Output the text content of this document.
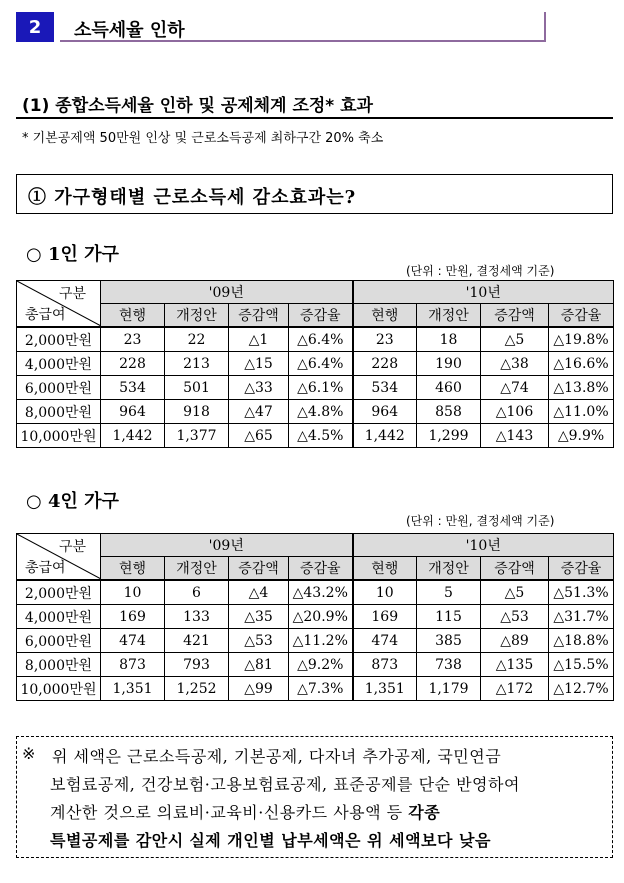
2	소득세율 인하
(1) 종합소득세율 인하 및 공제체계 조정* 효과
* 기본공제액 50만원 인상 및 근로소득공제 최하구간 20% 축소
① 가구형태별 근로소득세 감소효과는?
○ 1인 가구
(단위 : 만원, 결정세액 기준)
구분
총급여	'09년				'10년			
	현행	개정안	증감액	증감율	현행	개정안	증감액	증감율
2,000만원	23	22	△1	△6.4%	23	18	△5	△19.8%
4,000만원	228	213	△15	△6.4%	228	190	△38	△16.6%
6,000만원	534	501	△33	△6.1%	534	460	△74	△13.8%
8,000만원	964	918	△47	△4.8%	964	858	△106	△11.0%
10,000만원	1,442	1,377	△65	△4.5%	1,442	1,299	△143	△9.9%
○ 4인 가구
(단위 : 만원, 결정세액 기준)
구분
총급여	'09년				'10년			
	현행	개정안	증감액	증감율	현행	개정안	증감액	증감율
2,000만원	10	6	△4	△43.2%	10	5	△5	△51.3%
4,000만원	169	133	△35	△20.9%	169	115	△53	△31.7%
6,000만원	474	421	△53	△11.2%	474	385	△89	△18.8%
8,000만원	873	793	△81	△9.2%	873	738	△135	△15.5%
10,000만원	1,351	1,252	△99	△7.3%	1,351	1,179	△172	△12.7%
※ 위 세액은 근로소득공제, 기본공제, 다자녀 추가공제, 국민연금
보험료공제, 건강보험·고용보험료공제, 표준공제를 단순 반영하여
계산한 것으로 의료비·교육비·신용카드 사용액 등 각종
특별공제를 감안시 실제 개인별 납부세액은 위 세액보다 낮음
